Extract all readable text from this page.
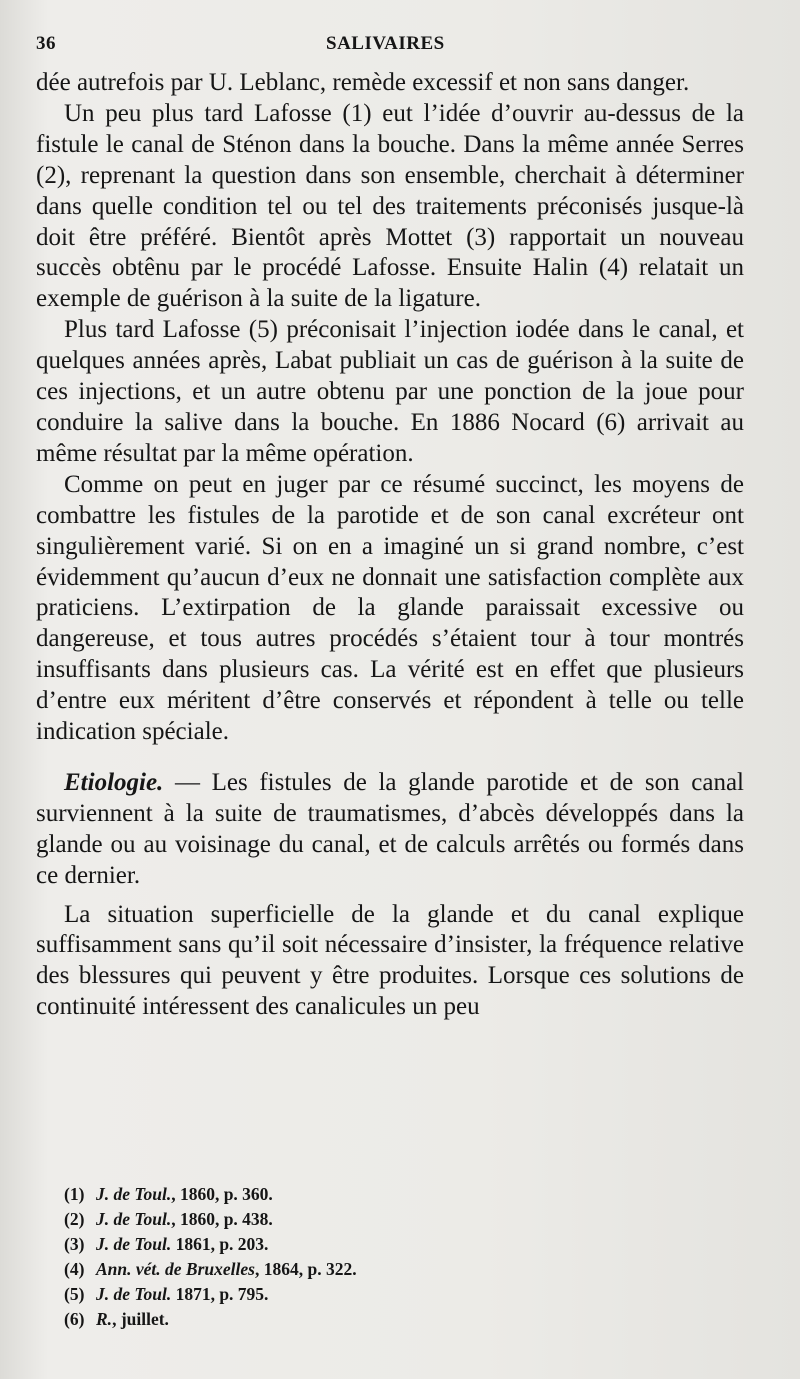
36	SALIVAIRES

dée autrefois par U. Leblanc, remède excessif et non sans danger.

Un peu plus tard Lafosse (1) eut l’idée d’ouvrir au-dessus de la fistule le canal de Sténon dans la bouche. Dans la même année Serres (2), reprenant la question dans son ensemble, cherchait à déterminer dans quelle condition tel ou tel des traitements préconisés jusque-là doit être préféré. Bientôt après Mottet (3) rapportait un nouveau succès obtênu par le procédé Lafosse. Ensuite Halin (4) relatait un exemple de guérison à la suite de la ligature.

Plus tard Lafosse (5) préconisait l’injection iodée dans le canal, et quelques années après, Labat publiait un cas de guérison à la suite de ces injections, et un autre obtenu par une ponction de la joue pour conduire la salive dans la bouche. En 1886 Nocard (6) arrivait au même résultat par la même opération.

Comme on peut en juger par ce résumé succinct, les moyens de combattre les fistules de la parotide et de son canal excréteur ont singulièrement varié. Si on en a imaginé un si grand nombre, c’est évidemment qu’aucun d’eux ne donnait une satisfaction complète aux praticiens. L’extirpation de la glande paraissait excessive ou dangereuse, et tous autres procédés s’étaient tour à tour montrés insuffisants dans plusieurs cas. La vérité est en effet que plusieurs d’entre eux méritent d’être conservés et répondent à telle ou telle indication spéciale.

Etiologie. — Les fistules de la glande parotide et de son canal surviennent à la suite de traumatismes, d’abcès développés dans la glande ou au voisinage du canal, et de calculs arrêtés ou formés dans ce dernier.

La situation superficielle de la glande et du canal explique suffisamment sans qu’il soit nécessaire d’insister, la fréquence relative des blessures qui peuvent y être produites. Lorsque ces solutions de continuité intéressent des canalicules un peu

(1) J. de Toul., 1860, p. 360.
(2) J. de Toul., 1860, p. 438.
(3) J. de Toul. 1861, p. 203.
(4) Ann. vét. de Bruxelles, 1864, p. 322.
(5) J. de Toul. 1871, p. 795.
(6) R., juillet.
